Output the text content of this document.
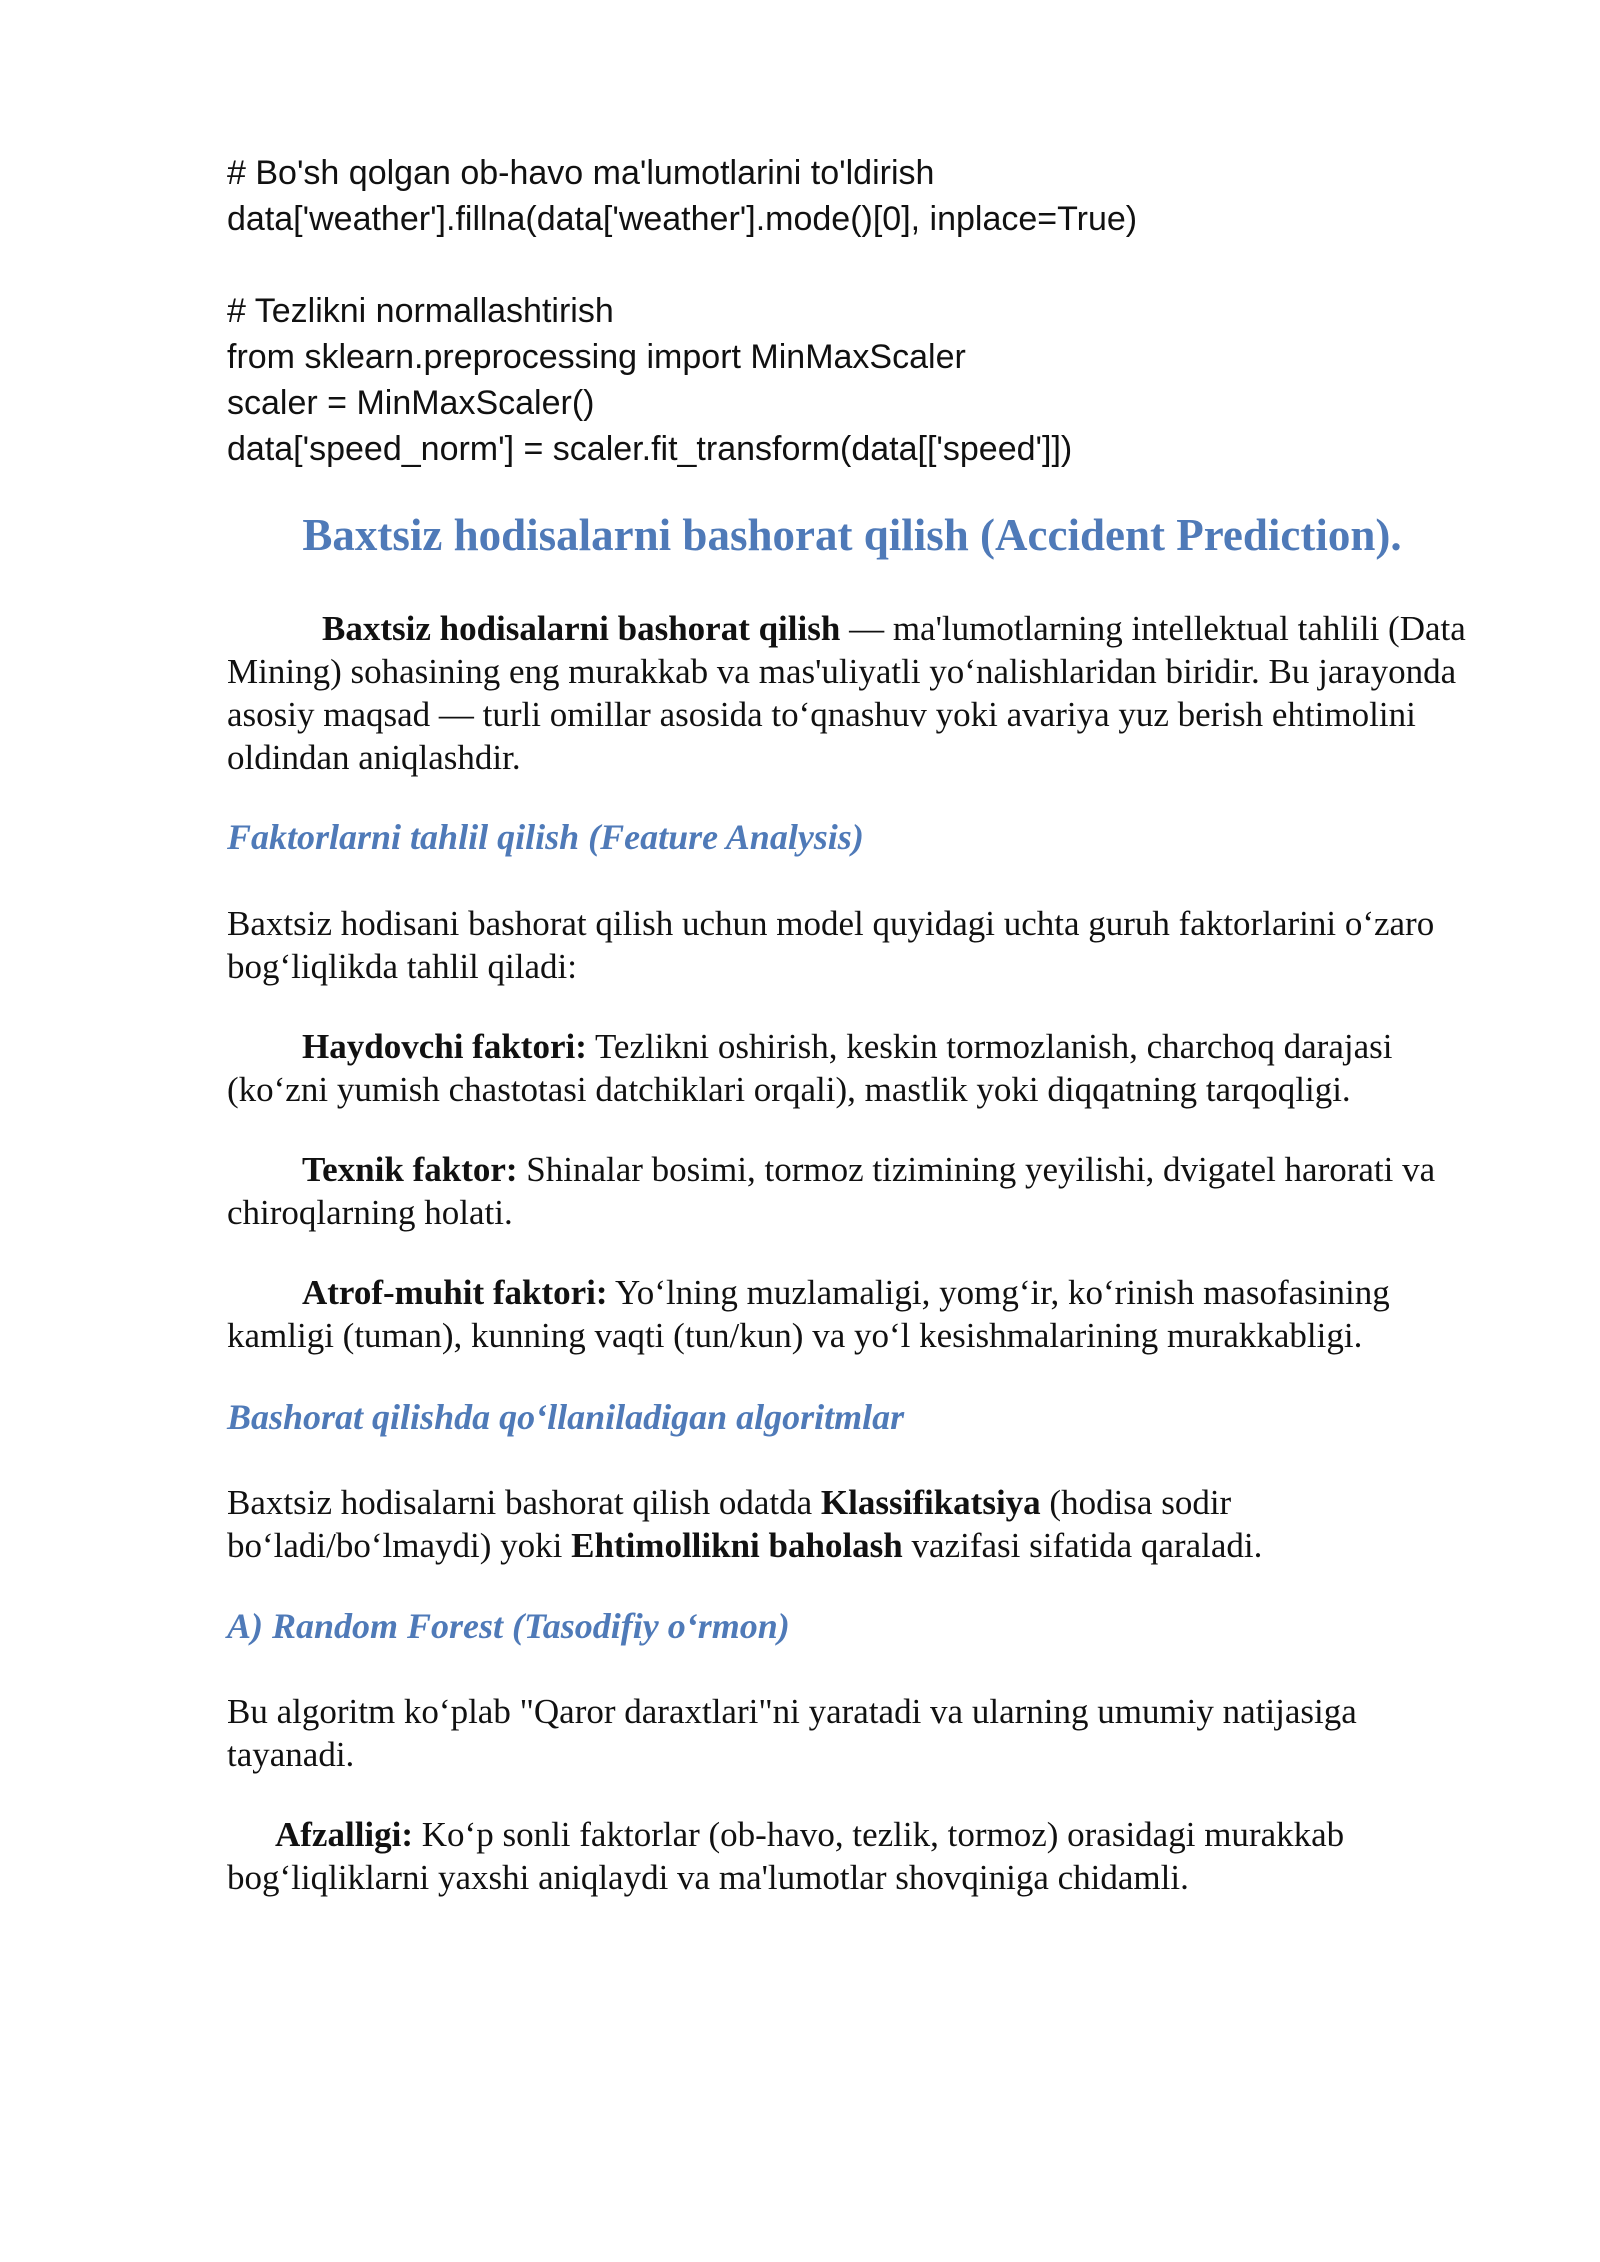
# Bo'sh qolgan ob-havo ma'lumotlarini to'ldirish
data['weather'].fillna(data['weather'].mode()[0], inplace=True)
# Tezlikni normallashtirish
from sklearn.preprocessing import MinMaxScaler
scaler = MinMaxScaler()
data['speed_norm'] = scaler.fit_transform(data[['speed']])
Baxtsiz hodisalarni bashorat qilish (Accident Prediction).

Baxtsiz hodisalarni bashorat qilish — ma'lumotlarning intellektual tahlili (Data Mining) sohasining eng murakkab va mas'uliyatli yo‘nalishlaridan biridir. Bu jarayonda asosiy maqsad — turli omillar asosida to‘qnashuv yoki avariya yuz berish ehtimolini oldindan aniqlashdir.

Faktorlarni tahlil qilish (Feature Analysis)

Baxtsiz hodisani bashorat qilish uchun model quyidagi uchta guruh faktorlarini o‘zaro bog‘liqlikda tahlil qiladi:

Haydovchi faktori: Tezlikni oshirish, keskin tormozlanish, charchoq darajasi (ko‘zni yumish chastotasi datchiklari orqali), mastlik yoki diqqatning tarqoqligi.

Texnik faktor: Shinalar bosimi, tormoz tizimining yeyilishi, dvigatel harorati va chiroqlarning holati.

Atrof-muhit faktori: Yo‘lning muzlamaligi, yomg‘ir, ko‘rinish masofasining kamligi (tuman), kunning vaqti (tun/kun) va yo‘l kesishmalarining murakkabligi.

Bashorat qilishda qo‘llaniladigan algoritmlar

Baxtsiz hodisalarni bashorat qilish odatda Klassifikatsiya (hodisa sodir bo‘ladi/bo‘lmaydi) yoki Ehtimollikni baholash vazifasi sifatida qaraladi.

A) Random Forest (Tasodifiy o‘rmon)

Bu algoritm ko‘plab "Qaror daraxtlari"ni yaratadi va ularning umumiy natijasiga tayanadi.

Afzalligi: Ko‘p sonli faktorlar (ob-havo, tezlik, tormoz) orasidagi murakkab bog‘liqliklarni yaxshi aniqlaydi va ma'lumotlar shovqiniga chidamli.
